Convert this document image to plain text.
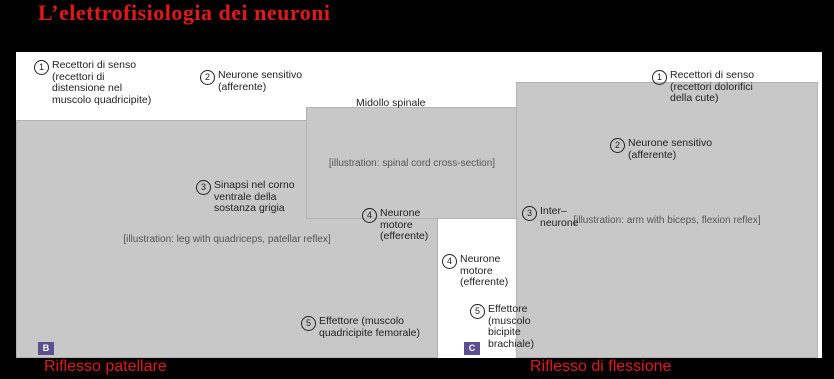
L’elettrofisiologia dei neuroni
[illustration: leg with quadriceps, patellar reflex]
[illustration: spinal cord cross-section]
[illustration: arm with biceps, flexion reflex]
1 Recettori di senso
(recettori di
distensione nel
muscolo quadricipite)
2 Neurone sensitivo
(afferente)
Midollo spinale
3 Sinapsi nel corno
ventrale della
sostanza grigia
4 Neurone
motore
(efferente)
5 Effettore (muscolo
quadricipite femorale)
1 Recettori di senso
(recettori dolorifici
della cute)
2 Neurone sensitivo
(afferente)
3 Inter–
neurone
4 Neurone
motore
(efferente)
5 Effettore
(muscolo
bicipite
brachiale)
B	C
Riflesso patellare	Riflesso di flessione
